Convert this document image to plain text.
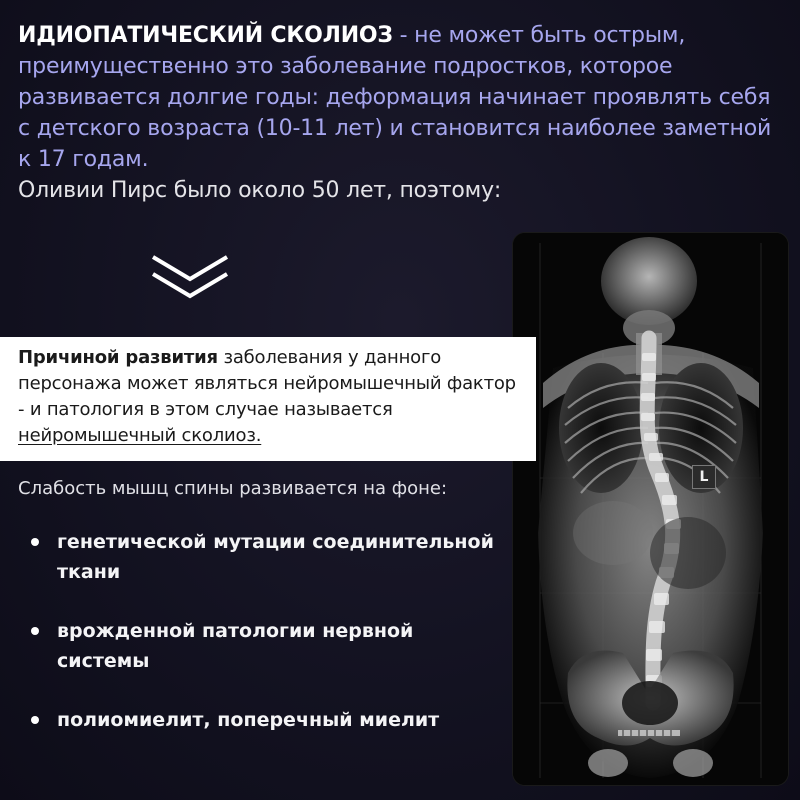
ИДИОПАТИЧЕСКИЙ СКОЛИОЗ - не может быть острым, преимущественно это заболевание подростков, которое развивается долгие годы: деформация начинает проявлять себя с детского возраста (10-11 лет) и становится наиболее заметной к 17 годам.
Оливии Пирс было около 50 лет, поэтому:
L
Причиной развития заболевания у данного персонажа может являться нейромышечный фактор - и патология в этом случае называется нейромышечный сколиоз.
Слабость мышц спины развивается на фоне:
генетической мутации соединительной ткани
врожденной патологии нервной системы
полиомиелит, поперечный миелит
